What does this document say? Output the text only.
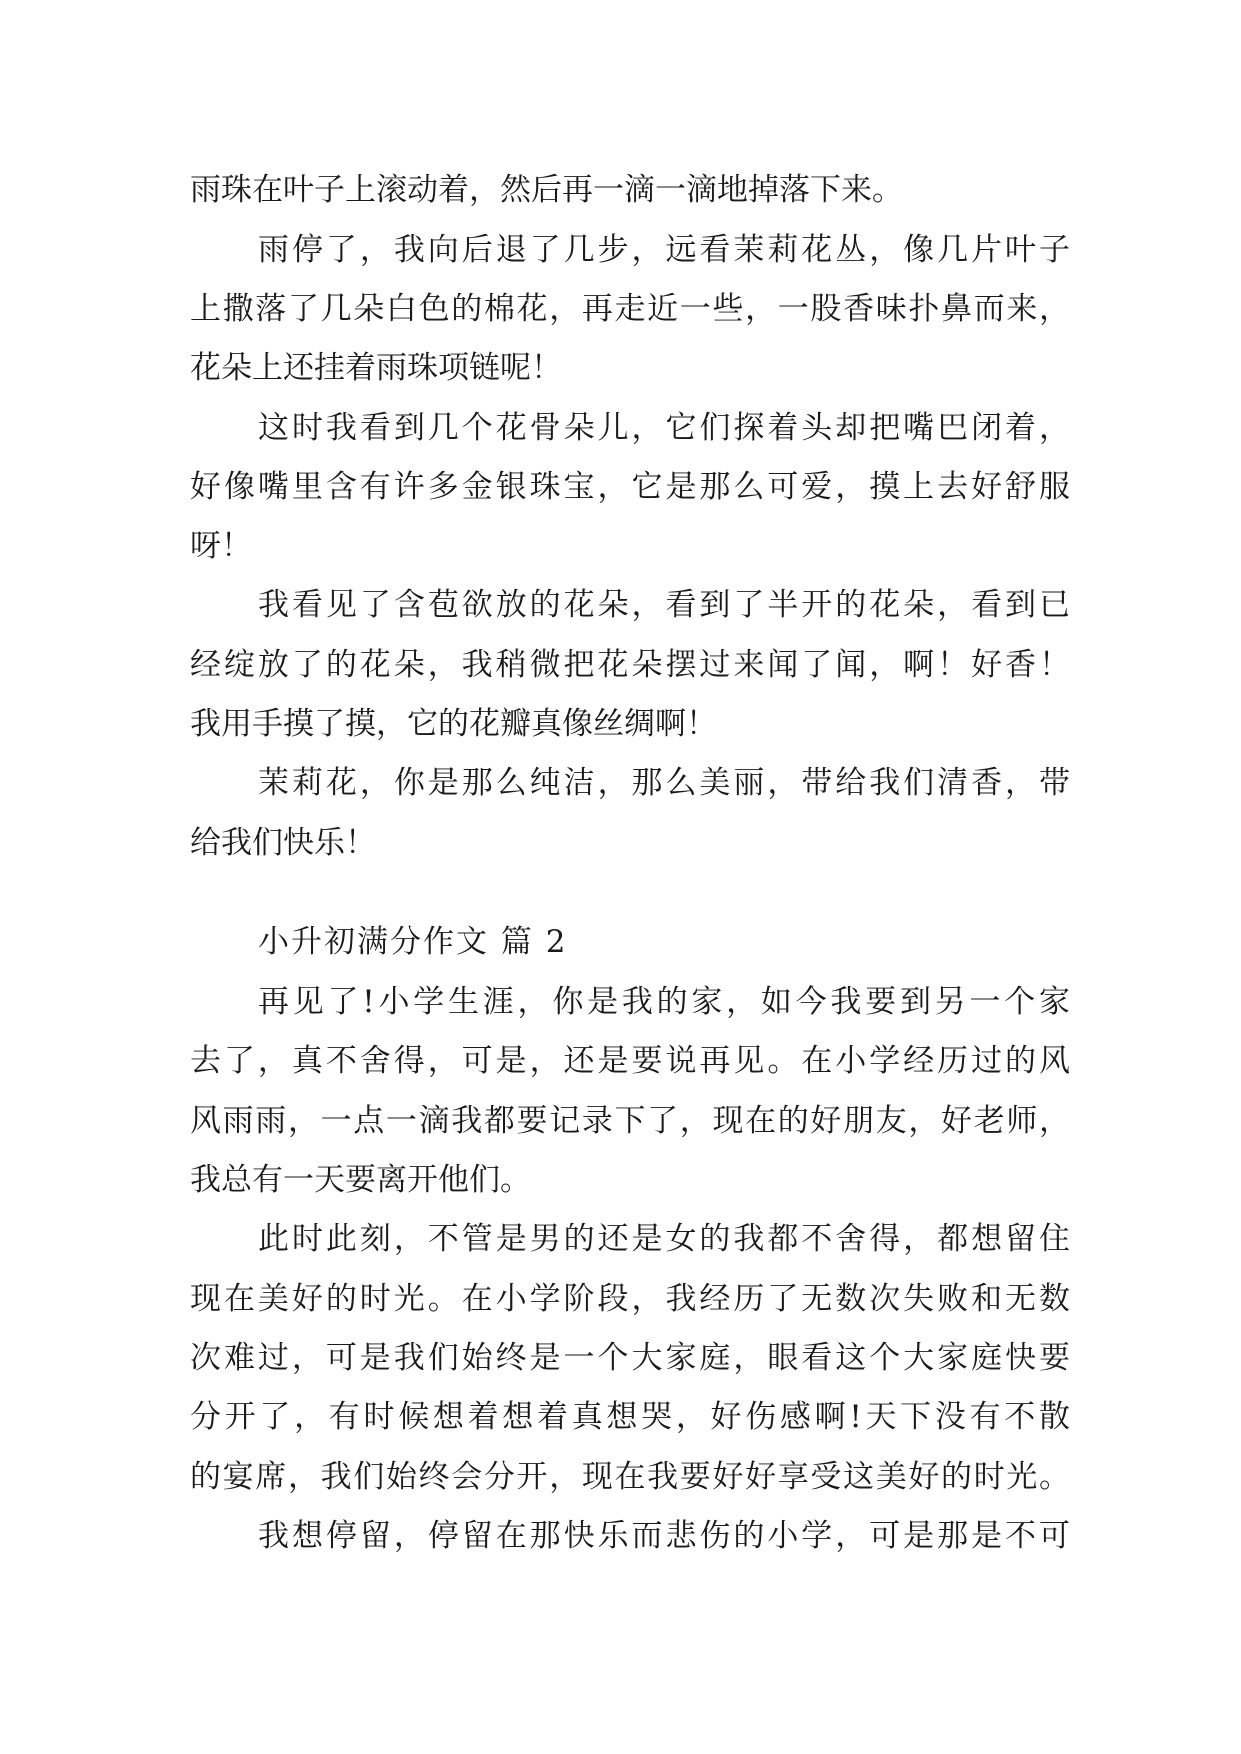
雨珠在叶子上滚动着，然后再一滴一滴地掉落下来。
雨停了，我向后退了几步，远看茉莉花丛，像几片叶子
上撒落了几朵白色的棉花，再走近一些，一股香味扑鼻而来，
花朵上还挂着雨珠项链呢！
这时我看到几个花骨朵儿，它们探着头却把嘴巴闭着，
好像嘴里含有许多金银珠宝，它是那么可爱，摸上去好舒服
呀！
我看见了含苞欲放的花朵，看到了半开的花朵，看到已
经绽放了的花朵，我稍微把花朵摆过来闻了闻，啊！好香！
我用手摸了摸，它的花瓣真像丝绸啊！
茉莉花，你是那么纯洁，那么美丽，带给我们清香，带
给我们快乐！
小升初满分作文 篇 2
再见了!小学生涯，你是我的家，如今我要到另一个家
去了，真不舍得，可是，还是要说再见。在小学经历过的风
风雨雨，一点一滴我都要记录下了，现在的好朋友，好老师，
我总有一天要离开他们。
此时此刻，不管是男的还是女的我都不舍得，都想留住
现在美好的时光。在小学阶段，我经历了无数次失败和无数
次难过，可是我们始终是一个大家庭，眼看这个大家庭快要
分开了，有时候想着想着真想哭，好伤感啊!天下没有不散
的宴席，我们始终会分开，现在我要好好享受这美好的时光。
我想停留，停留在那快乐而悲伤的小学，可是那是不可
